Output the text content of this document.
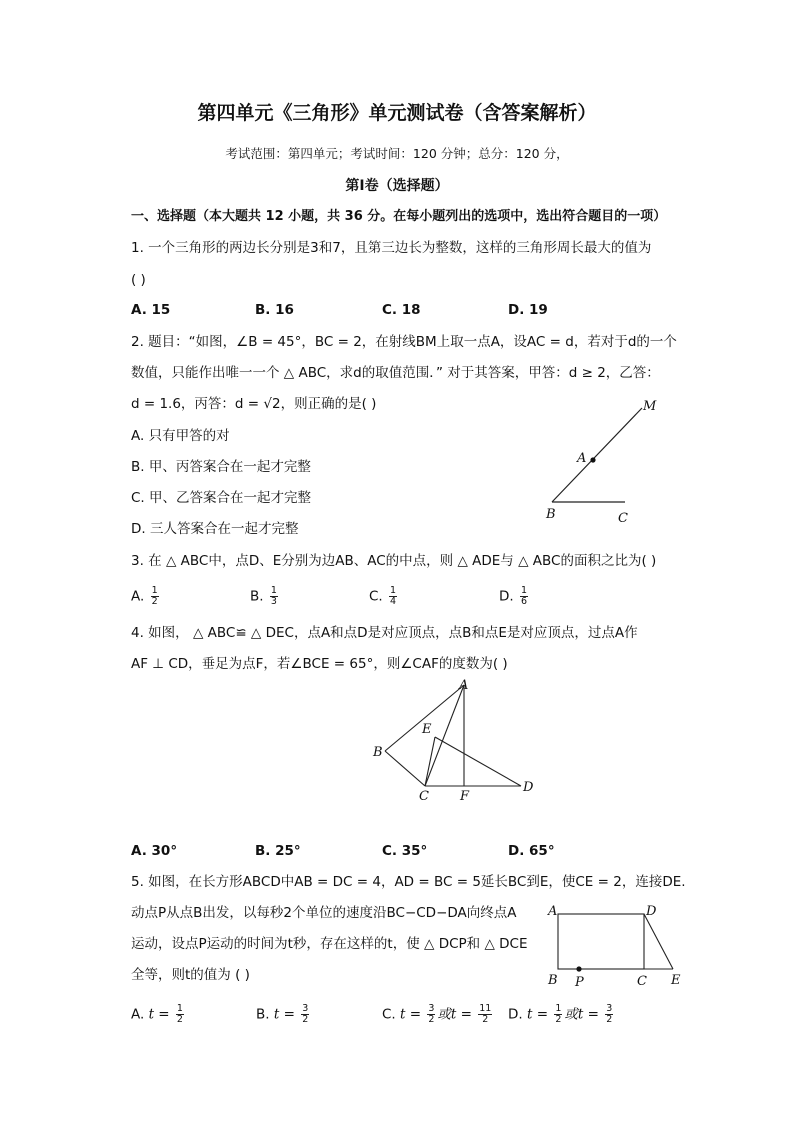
第四单元《三角形》单元测试卷（含答案解析）
考试范围：第四单元；考试时间：120 分钟；总分：120 分，
第Ⅰ卷（选择题）
一、选择题（本大题共 12 小题，共 36 分。在每小题列出的选项中，选出符合题目的一项）
1. 一个三角形的两边长分别是3和7，且第三边长为整数，这样的三角形周长最大的值为
( )
A. 15	B. 16	C. 18	D. 19
2. 题目：“如图，∠B = 45°，BC = 2，在射线BM上取一点A，设AC = d，若对于d的一个
数值，只能作出唯一一个 △ ABC，求d的取值范围．” 对于其答案，甲答：d ≥ 2，乙答：
d = 1.6，丙答：d = √2，则正确的是( )
A. 只有甲答的对
B. 甲、丙答案合在一起才完整
C. 甲、乙答案合在一起才完整
D. 三人答案合在一起才完整
M
A
B	C
3. 在 △ ABC中，点D、E分别为边AB、AC的中点，则 △ ADE与 △ ABC的面积之比为( )
A. $\frac{1}{2}$	B. $\frac{1}{3}$	C. $\frac{1}{4}$	D. $\frac{1}{6}$
4. 如图， △ ABC≌ △ DEC，点A和点D是对应顶点，点B和点E是对应顶点，过点A作
AF ⊥ CD，垂足为点F，若∠BCE = 65°，则∠CAF的度数为( )
A
E
B
C F
D
A. 30°	B. 25°	C. 35°	D. 65°
5. 如图，在长方形ABCD中AB = DC = 4，AD = BC = 5延长BC到E，使CE = 2，连接DE.
动点P从点B出发，以每秒2个单位的速度沿BC−CD−DA向终点A
运动，设点P运动的时间为t秒，存在这样的t，使 △ DCP和 △ DCE
全等，则t的值为 ( )
A	D
B P	C E
A. $t = \frac{1}{2}$	B. $t = \frac{3}{2}$	C. $t = \frac{3}{2}$ 或$t = \frac{11}{2} D$. $t = \frac{1}{2}$ 或$t = \frac{3}{2}$
